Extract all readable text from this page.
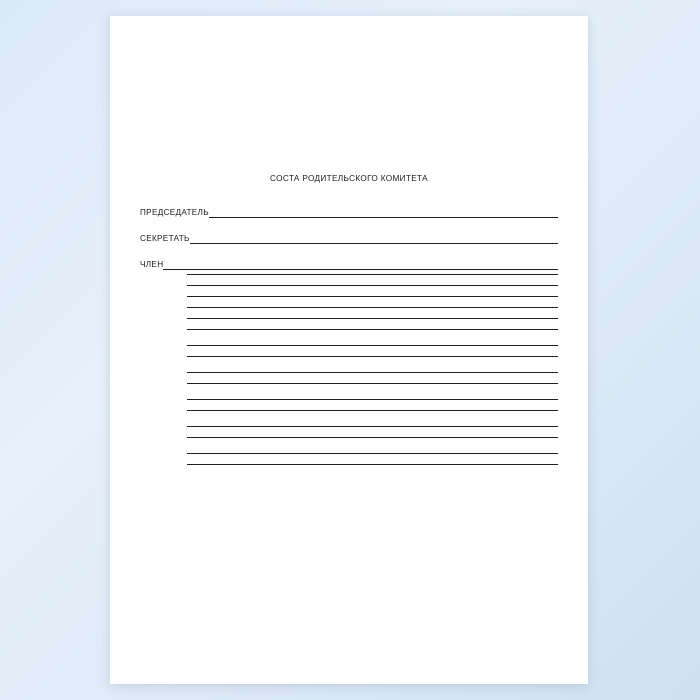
СОСТА РОДИТЕЛЬСКОГО КОМИТЕТА
ПРЕДСЕДАТЕЛЬ
СЕКРЕТАТЬ
ЧЛЕН
